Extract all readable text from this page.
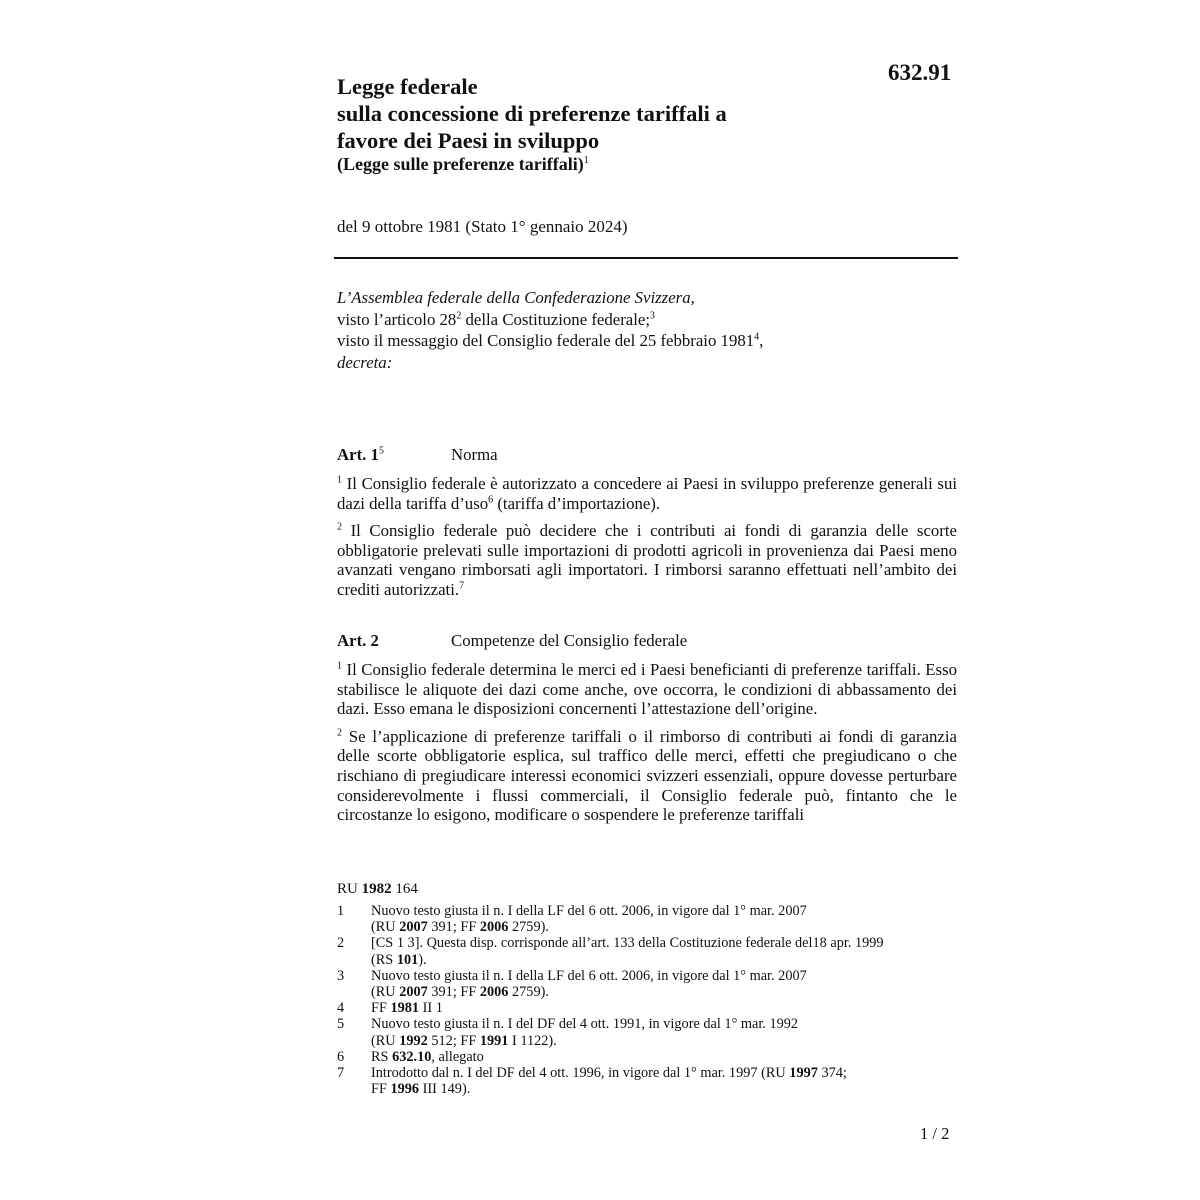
632.91
Legge federale
sulla concessione di preferenze tariffali a
favore dei Paesi in sviluppo
(Legge sulle preferenze tariffali)$^1$
del 9 ottobre 1981 (Stato 1° gennaio 2024)
L’Assemblea federale della Confederazione Svizzera,
visto l’articolo $28^2$ della Costituzione federale;$^3$
visto il messaggio del Consiglio federale del 25 febbraio 1981$^4$,
decreta:
Art. $1^5$	Norma
$^1$ Il Consiglio federale è autorizzato a concedere ai Paesi in sviluppo preferenze generali sui dazi della tariffa d’uso$^6$ (tariffa d’importazione).
$^2$ Il Consiglio federale può decidere che i contributi ai fondi di garanzia delle scorte obbligatorie prelevati sulle importazioni di prodotti agricoli in provenienza dai Paesi meno avanzati vengano rimborsati agli importatori. I rimborsi saranno effettuati nell’ambito dei crediti autorizzati.$^7$
Art. 2	Competenze del Consiglio federale
$^1$ Il Consiglio federale determina le merci ed i Paesi beneficianti di preferenze tariffali. Esso stabilisce le aliquote dei dazi come anche, ove occorra, le condizioni di abbassamento dei dazi. Esso emana le disposizioni concernenti l’attestazione dell’origine.
$^2$ Se l’applicazione di preferenze tariffali o il rimborso di contributi ai fondi di garanzia delle scorte obbligatorie esplica, sul traffico delle merci, effetti che pregiudicano o che rischiano di pregiudicare interessi economici svizzeri essenziali, oppure dovesse perturbare considerevolmente i flussi commerciali, il Consiglio federale può, fintanto che le circostanze lo esigono, modificare o sospendere le preferenze tariffali
RU 1982 164
1	Nuovo testo giusta il n. I della LF del 6 ott. 2006, in vigore dal 1° mar. 2007
(RU 2007 391; FF 2006 2759).
2	[CS 1 3]. Questa disp. corrisponde all’art. 133 della Costituzione federale del18 apr. 1999
(RS 101).
3	Nuovo testo giusta il n. I della LF del 6 ott. 2006, in vigore dal 1° mar. 2007
(RU 2007 391; FF 2006 2759).
4	FF 1981 II 1
5	Nuovo testo giusta il n. I del DF del 4 ott. 1991, in vigore dal 1° mar. 1992
(RU 1992 512; FF 1991 I 1122).
6	RS 632.10, allegato
7	Introdotto dal n. I del DF del 4 ott. 1996, in vigore dal 1° mar. 1997 (RU 1997 374;
FF 1996 III 149).
1 / 2
